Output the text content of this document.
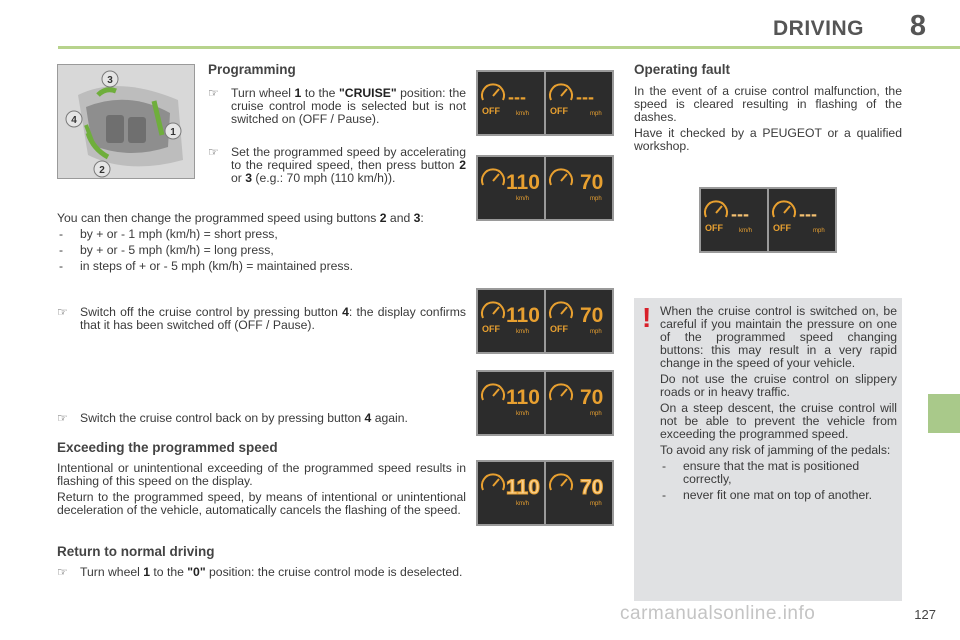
DRIVING 8
1
2
3
4
Programming
☞ Turn wheel 1 to the "CRUISE" position: the cruise control mode is selected but is not switched on (OFF / Pause).
☞ Set the programmed speed by accelerating to the required speed, then press button 2 or 3 (e.g.: 70 mph (110 km/h)).

You can then change the programmed speed using buttons 2 and 3:

- by + or - 1 mph (km/h) = short press,
- by + or - 5 mph (km/h) = long press,
- in steps of + or - 5 mph (km/h) = maintained press.
☞ Switch off the cruise control by pressing button 4: the display confirms that it has been switched off (OFF / Pause).
☞ Switch the cruise control back on by pressing button 4 again.
Exceeding the programmed speed

Intentional or unintentional exceeding of the programmed speed results in flashing of this speed on the display.

Return to the programmed speed, by means of intentional or unintentional deceleration of the vehicle, automatically cancels the flashing of the speed.

Return to normal driving
☞ Turn wheel 1 to the "0" position: the cruise control mode is deselected.
OFF	km/h
---
OFF	mph
---
km/h
110
mph
70
OFF	km/h
110
OFF	mph
70
km/h
110
mph
70
km/h
110
mph
70
Operating fault

In the event of a cruise control malfunction, the speed is cleared resulting in flashing of the dashes.

Have it checked by a PEUGEOT or a qualified workshop.

OFF	km/h
---
OFF	mph
---
! When the cruise control is switched on, be careful if you maintain the pressure on one of the programmed speed changing buttons: this may result in a very rapid change in the speed of your vehicle.

Do not use the cruise control on slippery roads or in heavy traffic.

On a steep descent, the cruise control will not be able to prevent the vehicle from exceeding the programmed speed.

To avoid any risk of jamming of the pedals:

- ensure that the mat is positioned correctly,
- never fit one mat on top of another.
carmanualsonline.info	127
